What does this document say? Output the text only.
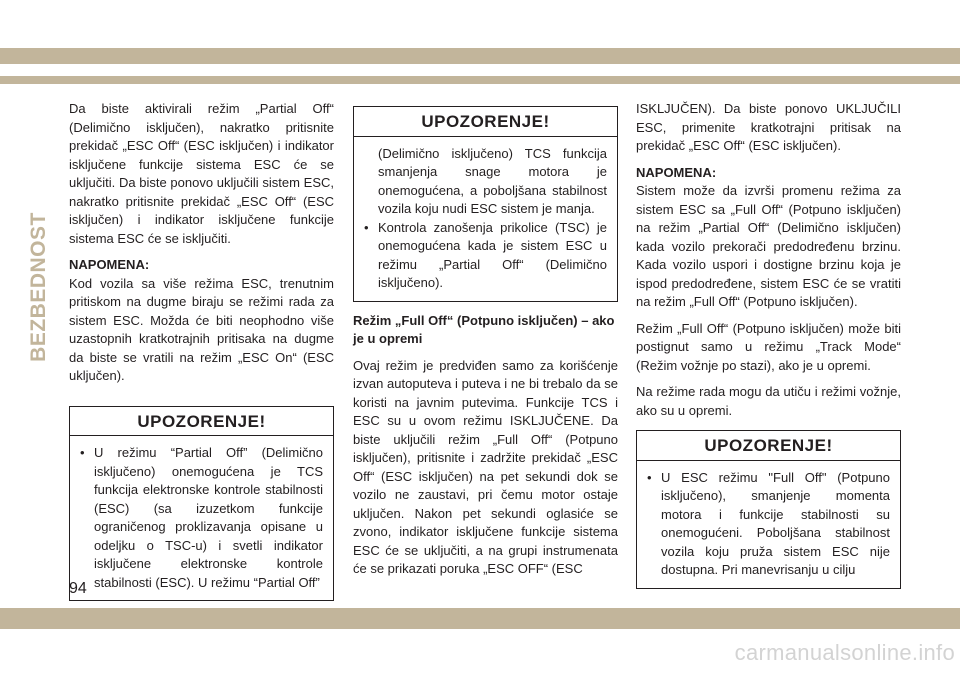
BEZBEDNOST

Da biste aktivirali režim „Partial Off“ (Delimično isključen), nakratko pritisnite prekidač „ESC Off“ (ESC isključen) i indikator isključene funkcije sistema ESC će se uključiti. Da biste ponovo uključili sistem ESC, nakratko pritisnite prekidač „ESC Off“ (ESC isključen) i indikator isključene funkcije sistema ESC će se isključiti.

NAPOMENA:
Kod vozila sa više režima ESC, trenutnim pritiskom na dugme biraju se režimi rada za sistem ESC. Možda će biti neophodno više uzastopnih kratkotrajnih pritisaka na dugme da biste se vratili na režim „ESC On“ (ESC uključen).

UPOZORENJE!
• U režimu “Partial Off” (Delimično isključeno) onemogućena je TCS funkcija elektronske kontrole stabilnosti (ESC) (sa izuzetkom funkcije ograničenog proklizavanja opisane u odeljku o TSC-u) i svetli indikator isključene elektronske kontrole stabilnosti (ESC). U režimu “Partial Off”
UPOZORENJE!
(Delimično isključeno) TCS funkcija smanjenja snage motora je onemogućena, a poboljšana stabilnost vozila koju nudi ESC sistem je manja.
• Kontrola zanošenja prikolice (TSC) je onemogućena kada je sistem ESC u režimu „Partial Off“ (Delimično isključeno).

Režim „Full Off“ (Potpuno isključen) – ako je u opremi

Ovaj režim je predviđen samo za korišćenje izvan autoputeva i puteva i ne bi trebalo da se koristi na javnim putevima. Funkcije TCS i ESC su u ovom režimu ISKLJUČENE. Da biste uključili režim „Full Off“ (Potpuno isključen), pritisnite i zadržite prekidač „ESC Off“ (ESC isključen) na pet sekundi dok se vozilo ne zaustavi, pri čemu motor ostaje uključen. Nakon pet sekundi oglasiće se zvono, indikator isključene funkcije sistema ESC će se uključiti, a na grupi instrumenata će se prikazati poruka „ESC OFF“ (ESC

ISKLJUČEN). Da biste ponovo UKLJUČILI ESC, primenite kratkotrajni pritisak na prekidač „ESC Off“ (ESC isključen).

NAPOMENA:
Sistem može da izvrši promenu režima za sistem ESC sa „Full Off“ (Potpuno isključen) na režim „Partial Off“ (Delimično isključen) kada vozilo prekorači predodređenu brzinu. Kada vozilo uspori i dostigne brzinu koja je ispod predodređene, sistem ESC će se vratiti na režim „Full Off“ (Potpuno isključen).

Režim „Full Off“ (Potpuno isključen) može biti postignut samo u režimu „Track Mode“ (Režim vožnje po stazi), ako je u opremi.

Na režime rada mogu da utiču i režimi vožnje, ako su u opremi.

UPOZORENJE!
• U ESC režimu "Full Off" (Potpuno isključeno), smanjenje momenta motora i funkcije stabilnosti su onemogućeni. Poboljšana stabilnost vozila koju pruža sistem ESC nije dostupna. Pri manevrisanju u cilju
94
carmanualsonline.info
